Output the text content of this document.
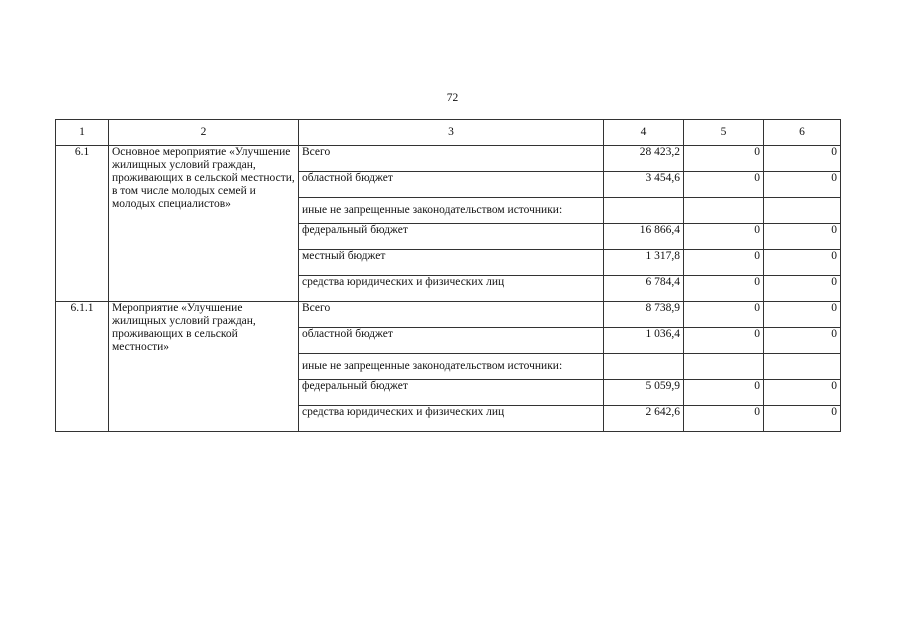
72
1	2	3	4	5	6
6.1	Основное мероприятие «Улучшение жилищных условий граждан, проживающих в сельской местности, в том числе молодых семей и молодых специалистов»	Всего	28 423,2	0	0
		областной бюджет	3 454,6	0	0
		иные не запрещенные законодательством источники:			
		федеральный бюджет	16 866,4	0	0
		местный бюджет	1 317,8	0	0
		средства юридических и физических лиц	6 784,4	0	0
6.1.1	Мероприятие «Улучшение жилищных условий граждан, проживающих в сельской местности»	Всего	8 738,9	0	0
		областной бюджет	1 036,4	0	0
		иные не запрещенные законодательством источники:			
		федеральный бюджет	5 059,9	0	0
		средства юридических и физических лиц	2 642,6	0	0
